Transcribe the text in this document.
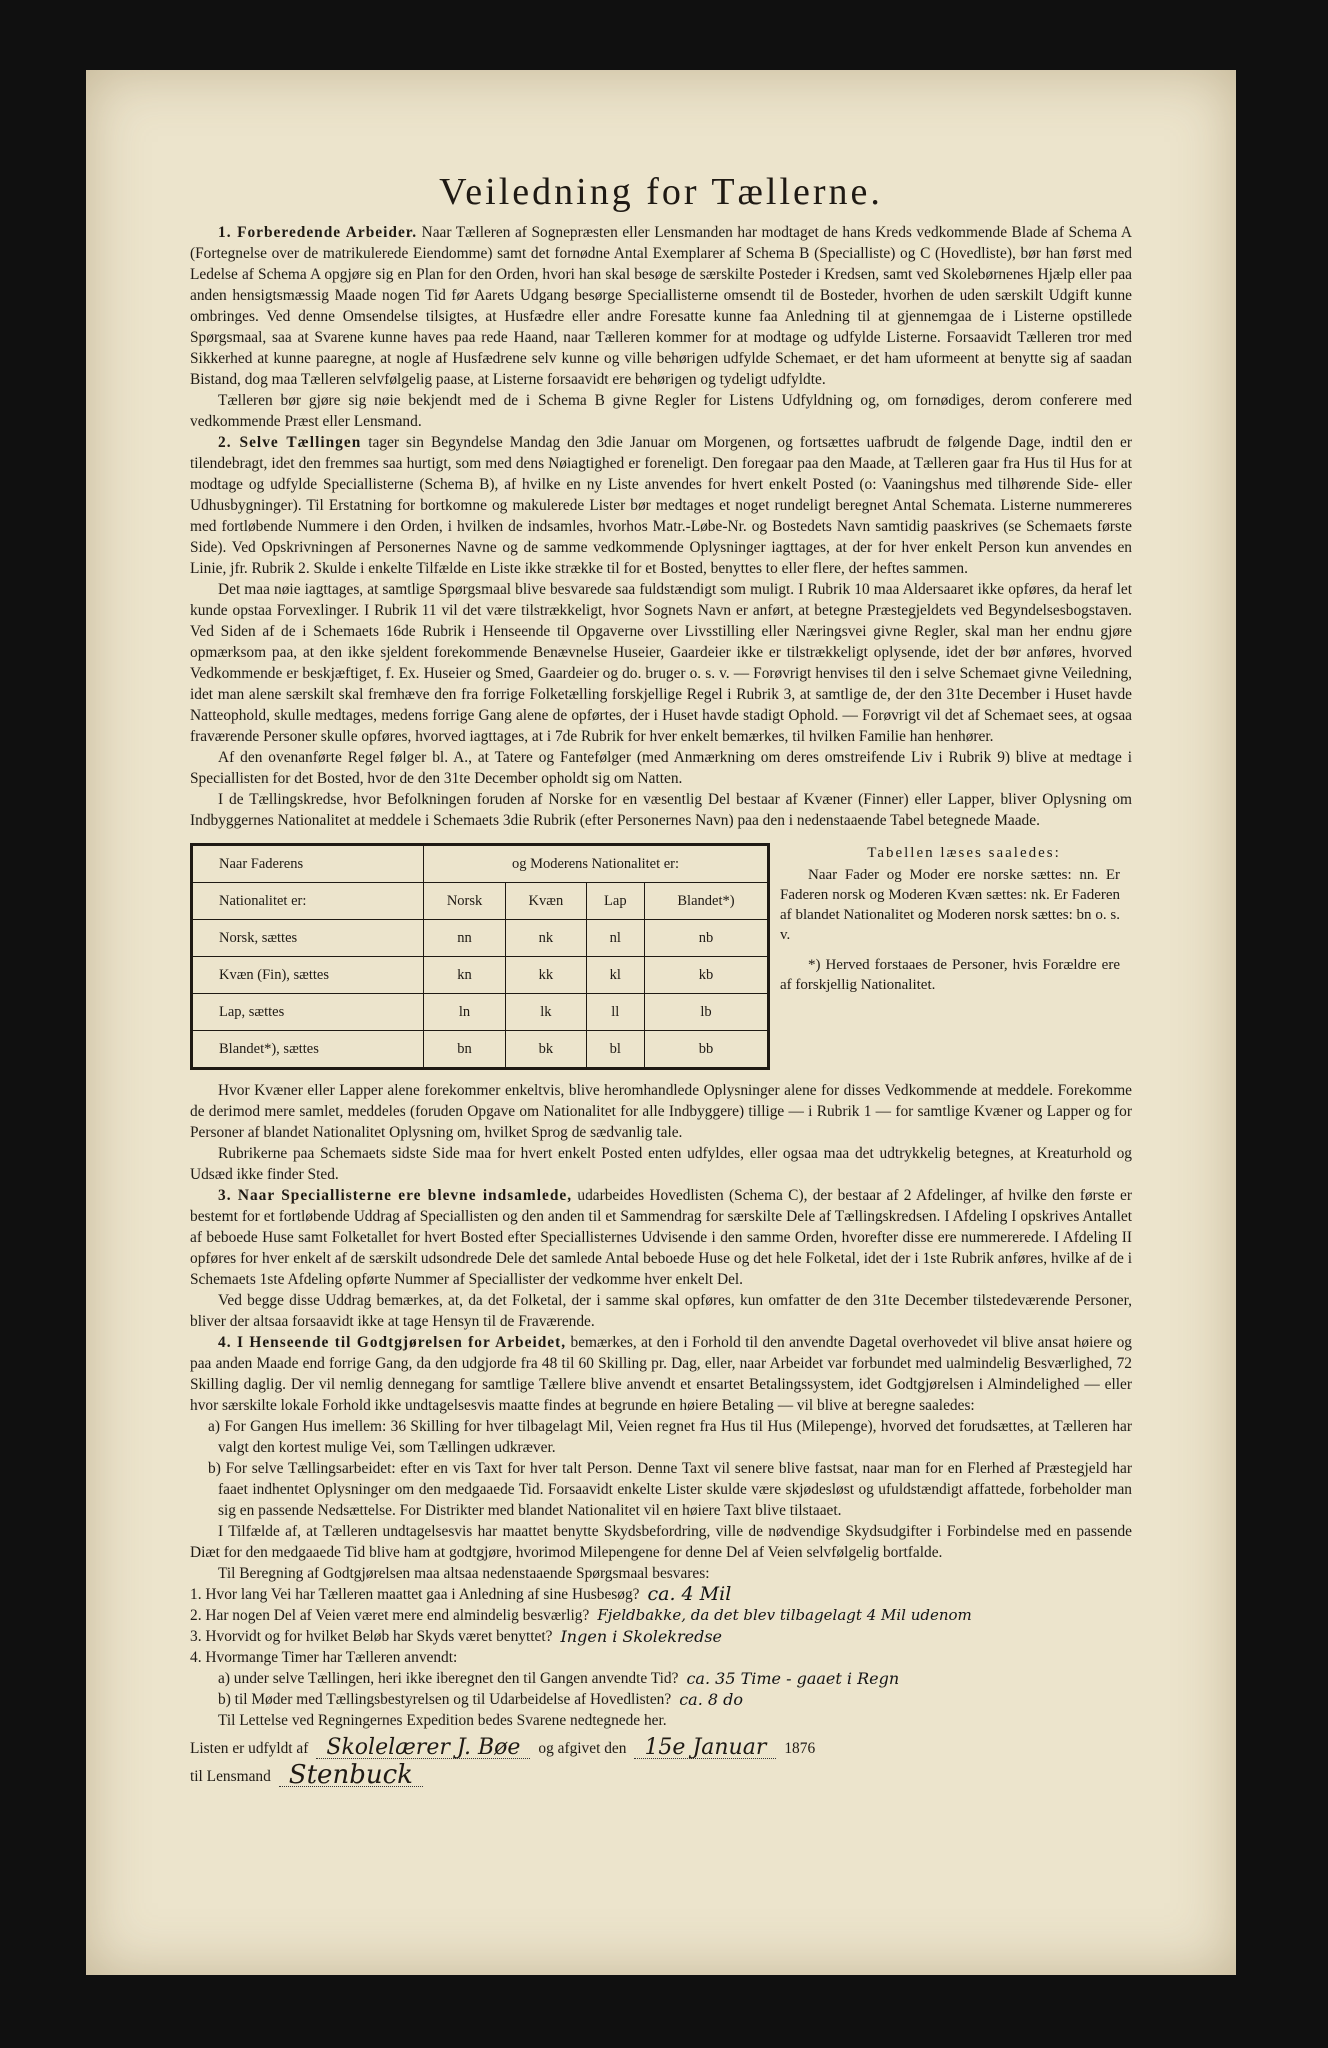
Veiledning for Tællerne.

1. Forberedende Arbeider. Naar Tælleren af Sognepræsten eller Lensmanden har modtaget de hans Kreds vedkommende Blade af Schema A (Fortegnelse over de matrikulerede Eiendomme) samt det fornødne Antal Exemplarer af Schema B (Specialliste) og C (Hovedliste), bør han først med Ledelse af Schema A opgjøre sig en Plan for den Orden, hvori han skal besøge de særskilte Posteder i Kredsen, samt ved Skolebørnenes Hjælp eller paa anden hensigtsmæssig Maade nogen Tid før Aarets Udgang besørge Speciallisterne omsendt til de Bosteder, hvorhen de uden særskilt Udgift kunne ombringes. Ved denne Omsendelse tilsigtes, at Husfædre eller andre Foresatte kunne faa Anledning til at gjennemgaa de i Listerne opstillede Spørgsmaal, saa at Svarene kunne haves paa rede Haand, naar Tælleren kommer for at modtage og udfylde Listerne. Forsaavidt Tælleren tror med Sikkerhed at kunne paaregne, at nogle af Husfædrene selv kunne og ville behørigen udfylde Schemaet, er det ham uformeent at benytte sig af saadan Bistand, dog maa Tælleren selvfølgelig paase, at Listerne forsaavidt ere behørigen og tydeligt udfyldte.

Tælleren bør gjøre sig nøie bekjendt med de i Schema B givne Regler for Listens Udfyldning og, om fornødiges, derom conferere med vedkommende Præst eller Lensmand.

2. Selve Tællingen tager sin Begyndelse Mandag den 3die Januar om Morgenen, og fortsættes uafbrudt de følgende Dage, indtil den er tilendebragt, idet den fremmes saa hurtigt, som med dens Nøiagtighed er foreneligt. Den foregaar paa den Maade, at Tælleren gaar fra Hus til Hus for at modtage og udfylde Speciallisterne (Schema B), af hvilke en ny Liste anvendes for hvert enkelt Posted (o: Vaaningshus med tilhørende Side- eller Udhusbygninger). Til Erstatning for bortkomne og makulerede Lister bør medtages et noget rundeligt beregnet Antal Schemata. Listerne nummereres med fortløbende Nummere i den Orden, i hvilken de indsamles, hvorhos Matr.-Løbe-Nr. og Bostedets Navn samtidig paaskrives (se Schemaets første Side). Ved Opskrivningen af Personernes Navne og de samme vedkommende Oplysninger iagttages, at der for hver enkelt Person kun anvendes en Linie, jfr. Rubrik 2. Skulde i enkelte Tilfælde en Liste ikke strække til for et Bosted, benyttes to eller flere, der heftes sammen.

Det maa nøie iagttages, at samtlige Spørgsmaal blive besvarede saa fuldstændigt som muligt. I Rubrik 10 maa Aldersaaret ikke opføres, da heraf let kunde opstaa Forvexlinger. I Rubrik 11 vil det være tilstrækkeligt, hvor Sognets Navn er anført, at betegne Præstegjeldets ved Begyndelsesbogstaven. Ved Siden af de i Schemaets 16de Rubrik i Henseende til Opgaverne over Livsstilling eller Næringsvei givne Regler, skal man her endnu gjøre opmærksom paa, at den ikke sjeldent forekommende Benævnelse Huseier, Gaardeier ikke er tilstrækkeligt oplysende, idet der bør anføres, hvorved Vedkommende er beskjæftiget, f. Ex. Huseier og Smed, Gaardeier og do. bruger o. s. v. — Forøvrigt henvises til den i selve Schemaet givne Veiledning, idet man alene særskilt skal fremhæve den fra forrige Folketælling forskjellige Regel i Rubrik 3, at samtlige de, der den 31te December i Huset havde Natteophold, skulle medtages, medens forrige Gang alene de opførtes, der i Huset havde stadigt Ophold. — Forøvrigt vil det af Schemaet sees, at ogsaa fraværende Personer skulle opføres, hvorved iagttages, at i 7de Rubrik for hver enkelt bemærkes, til hvilken Familie han henhører.

Af den ovenanførte Regel følger bl. A., at Tatere og Fantefølger (med Anmærkning om deres omstreifende Liv i Rubrik 9) blive at medtage i Speciallisten for det Bosted, hvor de den 31te December opholdt sig om Natten.

I de Tællingskredse, hvor Befolkningen foruden af Norske for en væsentlig Del bestaar af Kvæner (Finner) eller Lapper, bliver Oplysning om Indbyggernes Nationalitet at meddele i Schemaets 3die Rubrik (efter Personernes Navn) paa den i nedenstaaende Tabel betegnede Maade.

Naar Faderens	og Moderens Nationalitet er:			
Nationalitet er:	Norsk	Kvæn	Lap	Blandet*)
Norsk, sættes	nn	nk	nl	nb
Kvæn (Fin), sættes	kn	kk	kl	kb
Lap, sættes	ln	lk	ll	lb
Blandet*), sættes	bn	bk	bl	bb

Tabellen læses saaledes:

Naar Fader og Moder ere norske sættes: nn. Er Faderen norsk og Moderen Kvæn sættes: nk. Er Faderen af blandet Nationalitet og Moderen norsk sættes: bn o. s. v.

*) Herved forstaaes de Personer, hvis Forældre ere af forskjellig Nationalitet.

Hvor Kvæner eller Lapper alene forekommer enkeltvis, blive heromhandlede Oplysninger alene for disses Vedkommende at meddele. Forekomme de derimod mere samlet, meddeles (foruden Opgave om Nationalitet for alle Indbyggere) tillige — i Rubrik 1 — for samtlige Kvæner og Lapper og for Personer af blandet Nationalitet Oplysning om, hvilket Sprog de sædvanlig tale.

Rubrikerne paa Schemaets sidste Side maa for hvert enkelt Posted enten udfyldes, eller ogsaa maa det udtrykkelig betegnes, at Kreaturhold og Udsæd ikke finder Sted.

3. Naar Speciallisterne ere blevne indsamlede, udarbeides Hovedlisten (Schema C), der bestaar af 2 Afdelinger, af hvilke den første er bestemt for et fortløbende Uddrag af Speciallisten og den anden til et Sammendrag for særskilte Dele af Tællingskredsen. I Afdeling I opskrives Antallet af beboede Huse samt Folketallet for hvert Bosted efter Speciallisternes Udvisende i den samme Orden, hvorefter disse ere nummererede. I Afdeling II opføres for hver enkelt af de særskilt udsondrede Dele det samlede Antal beboede Huse og det hele Folketal, idet der i 1ste Rubrik anføres, hvilke af de i Schemaets 1ste Afdeling opførte Nummer af Speciallister der vedkomme hver enkelt Del.

Ved begge disse Uddrag bemærkes, at, da det Folketal, der i samme skal opføres, kun omfatter de den 31te December tilstedeværende Personer, bliver der altsaa forsaavidt ikke at tage Hensyn til de Fraværende.

4. I Henseende til Godtgjørelsen for Arbeidet, bemærkes, at den i Forhold til den anvendte Dagetal overhovedet vil blive ansat høiere og paa anden Maade end forrige Gang, da den udgjorde fra 48 til 60 Skilling pr. Dag, eller, naar Arbeidet var forbundet med ualmindelig Besværlighed, 72 Skilling daglig. Der vil nemlig dennegang for samtlige Tællere blive anvendt et ensartet Betalingssystem, idet Godtgjørelsen i Almindelighed — eller hvor særskilte lokale Forhold ikke undtagelsesvis maatte findes at begrunde en høiere Betaling — vil blive at beregne saaledes:

a) For Gangen Hus imellem: 36 Skilling for hver tilbagelagt Mil, Veien regnet fra Hus til Hus (Milepenge), hvorved det forudsættes, at Tælleren har valgt den kortest mulige Vei, som Tællingen udkræver.

b) For selve Tællingsarbeidet: efter en vis Taxt for hver talt Person. Denne Taxt vil senere blive fastsat, naar man for en Flerhed af Præstegjeld har faaet indhentet Oplysninger om den medgaaede Tid. Forsaavidt enkelte Lister skulde være skjødesløst og ufuldstændigt affattede, forbeholder man sig en passende Nedsættelse. For Distrikter med blandet Nationalitet vil en høiere Taxt blive tilstaaet.

I Tilfælde af, at Tælleren undtagelsesvis har maattet benytte Skydsbefordring, ville de nødvendige Skydsudgifter i Forbindelse med en passende Diæt for den medgaaede Tid blive ham at godtgjøre, hvorimod Milepengene for denne Del af Veien selvfølgelig bortfalde.

Til Beregning af Godtgjørelsen maa altsaa nedenstaaende Spørgsmaal besvares:

1. Hvor lang Vei har Tælleren maattet gaa i Anledning af sine Husbesøg? ca. 4 Mil
2. Har nogen Del af Veien været mere end almindelig besværlig? Fjeldbakke, da det blev tilbagelagt 4 Mil udenom
3. Hvorvidt og for hvilket Beløb har Skyds været benyttet? Ingen i Skolekredse
4. Hvormange Timer har Tælleren anvendt:
a) under selve Tællingen, heri ikke iberegnet den til Gangen anvendte Tid? ca. 35 Time - gaaet i Regn
b) til Møder med Tællingsbestyrelsen og til Udarbeidelse af Hovedlisten? ca. 8 do

Til Lettelse ved Regningernes Expedition bedes Svarene nedtegnede her.

Listen er udfyldt af Skolelærer J. Bøe	og afgivet den 15e Januar	1876
til Lensmand Stenbuck
